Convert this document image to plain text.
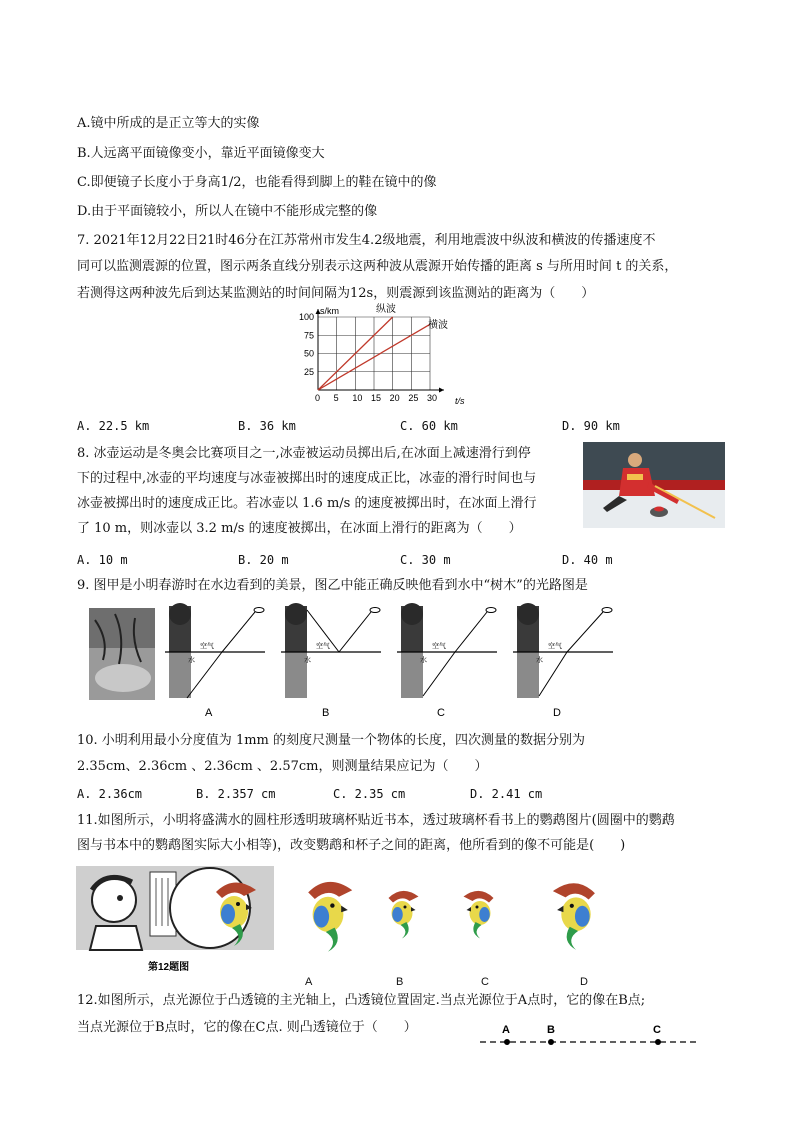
A.镜中所成的是正立等大的实像
B.人远离平面镜像变小，靠近平面镜像变大
C.即便镜子长度小于身高1/2，也能看得到脚上的鞋在镜中的像
D.由于平面镜较小，所以人在镜中不能形成完整的像
7. 2021年12月22日21时46分在江苏常州市发生4.2级地震，利用地震波中纵波和横波的传播速度不
同可以监测震源的位置，图示两条直线分别表示这两种波从震源开始传播的距离 s 与所用时间 t 的关系，
若测得这两种波先后到达某监测站的时间间隔为12s，则震源到该监测站的距离为（　　）
0 5 10 15 20 25 30
25
50
75
100
s/km
t/s
纵波
横波
A. 22.5 km	B. 36 km	C. 60 km	D. 90 km
8. 冰壶运动是冬奥会比赛项目之一,冰壶被运动员掷出后,在冰面上减速滑行到停
下的过程中,冰壶的平均速度与冰壶被掷出时的速度成正比，冰壶的滑行时间也与
冰壶被掷出时的速度成正比。若冰壶以 1.6 m/s 的速度被掷出时，在冰面上滑行
了 10 m，则冰壶以 3.2 m/s 的速度被掷出，在冰面上滑行的距离为（　　）
A. 10 m	B. 20 m	C. 30 m	D. 40 m
9. 图甲是小明春游时在水边看到的美景，图乙中能正确反映他看到水中“树木”的光路图是
A	B	C	D
空气
水
空气
水
空气
水
空气
水
10. 小明利用最小分度值为 1mm 的刻度尺测量一个物体的长度，四次测量的数据分别为
2.35cm、2.36cm 、2.36cm 、2.57cm，则测量结果应记为（　　）
A. 2.36cm	B. 2.357 cm	C. 2.35 cm	D. 2.41 cm
11.如图所示，小明将盛满水的圆柱形透明玻璃杯贴近书本，透过玻璃杯看书上的鹦鹉图片(圆圈中的鹦鹉
图与书本中的鹦鹉图实际大小相等)，改变鹦鹉和杯子之间的距离，他所看到的像不可能是(　　)
第12题图
A	B	C	D
12.如图所示，点光源位于凸透镜的主光轴上，凸透镜位置固定.当点光源位于A点时，它的像在B点;
当点光源位于B点时，它的像在C点. 则凸透镜位于（　　）	A	B	C
